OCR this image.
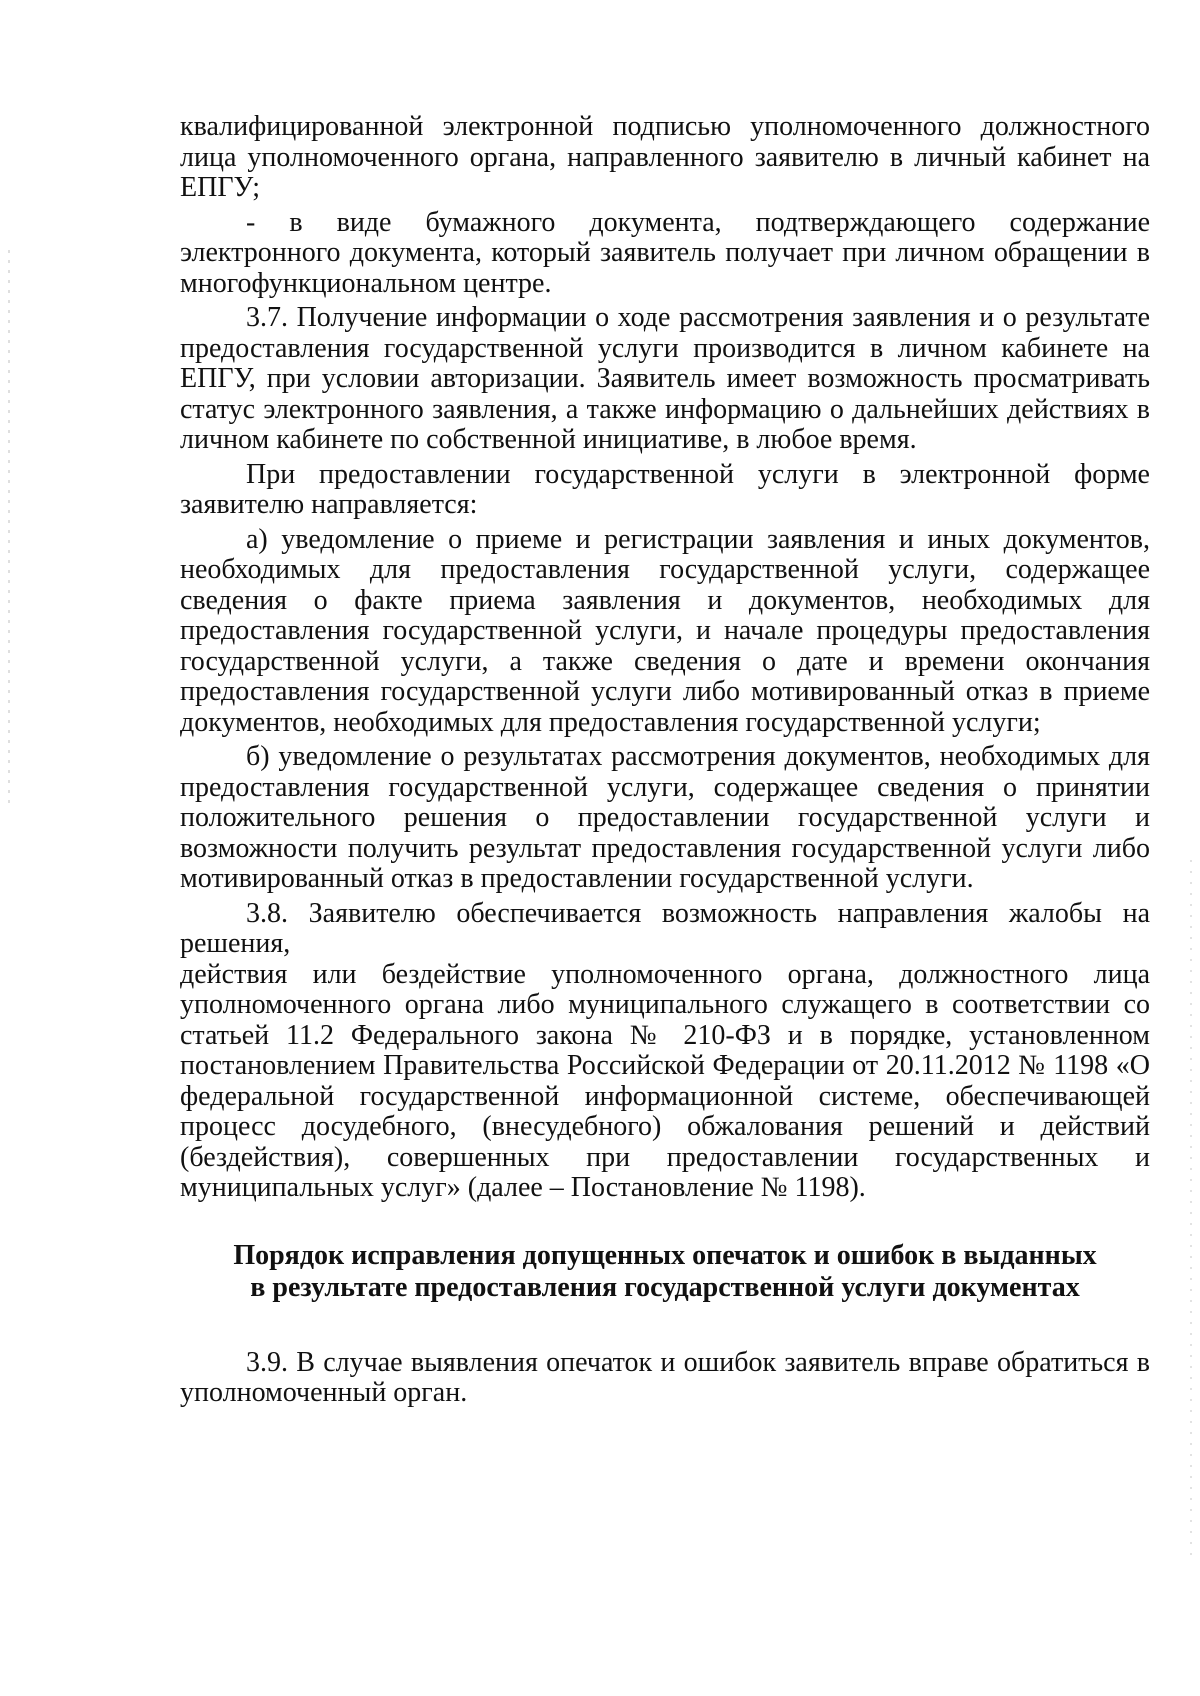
квалифицированной электронной подписью уполномоченного должностного лица уполномоченного органа, направленного заявителю в личный кабинет на ЕПГУ;

- в виде бумажного документа, подтверждающего содержание электронного документа, который заявитель получает при личном обращении в многофункциональном центре.

3.7. Получение информации о ходе рассмотрения заявления и о результате предоставления государственной услуги производится в личном кабинете на ЕПГУ, при условии авторизации. Заявитель имеет возможность просматривать статус электронного заявления, а также информацию о дальнейших действиях в личном кабинете по собственной инициативе, в любое время.

При предоставлении государственной услуги в электронной форме заявителю направляется:

а) уведомление о приеме и регистрации заявления и иных документов, необходимых для предоставления государственной услуги, содержащее сведения о факте приема заявления и документов, необходимых для предоставления государственной услуги, и начале процедуры предоставления государственной услуги, а также сведения о дате и времени окончания предоставления государственной услуги либо мотивированный отказ в приеме документов, необходимых для предоставления государственной услуги;

б) уведомление о результатах рассмотрения документов, необходимых для предоставления государственной услуги, содержащее сведения о принятии положительного решения о предоставлении государственной услуги и возможности получить результат предоставления государственной услуги либо мотивированный отказ в предоставлении государственной услуги.

3.8. Заявителю обеспечивается возможность направления жалобы на решения,

действия или бездействие уполномоченного органа, должностного лица уполномоченного органа либо муниципального служащего в соответствии со статьей 11.2 Федерального закона № 210-ФЗ и в порядке, установленном постановлением Правительства Российской Федерации от 20.11.2012 № 1198 «О федеральной государственной информационной системе, обеспечивающей процесс досудебного, (внесудебного) обжалования решений и действий (бездействия), совершенных при предоставлении государственных и муниципальных услуг» (далее – Постановление № 1198).

Порядок исправления допущенных опечаток и ошибок в выданных
в результате предоставления государственной услуги документах

3.9. В случае выявления опечаток и ошибок заявитель вправе обратиться в уполномоченный орган.
